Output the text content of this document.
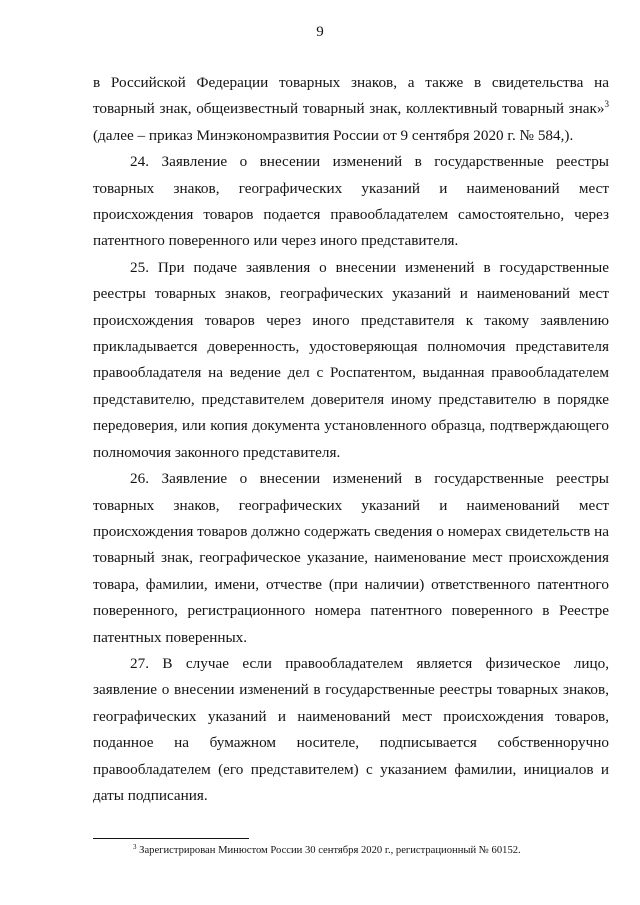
9

в Российской Федерации товарных знаков, а также в свидетельства на товарный знак, общеизвестный товарный знак, коллективный товарный знак»$^3$ (далее – приказ Минэкономразвития России от 9 сентября 2020 г. № 584,).

24. Заявление о внесении изменений в государственные реестры товарных знаков, географических указаний и наименований мест происхождения товаров подается правообладателем самостоятельно, через патентного поверенного или через иного представителя.

25. При подаче заявления о внесении изменений в государственные реестры товарных знаков, географических указаний и наименований мест происхождения товаров через иного представителя к такому заявлению прикладывается доверенность, удостоверяющая полномочия представителя правообладателя на ведение дел с Роспатентом, выданная правообладателем представителю, представителем доверителя иному представителю в порядке передоверия, или копия документа установленного образца, подтверждающего полномочия законного представителя.

26. Заявление о внесении изменений в государственные реестры товарных знаков, географических указаний и наименований мест происхождения товаров должно содержать сведения о номерах свидетельств на товарный знак, географическое указание, наименование мест происхождения товара, фамилии, имени, отчестве (при наличии) ответственного патентного поверенного, регистрационного номера патентного поверенного в Реестре патентных поверенных.

27. В случае если правообладателем является физическое лицо, заявление о внесении изменений в государственные реестры товарных знаков, географических указаний и наименований мест происхождения товаров, поданное на бумажном носителе, подписывается собственноручно правообладателем (его представителем) с указанием фамилии, инициалов и даты подписания.

$^3$ Зарегистрирован Минюстом России 30 сентября 2020 г., регистрационный № 60152.
